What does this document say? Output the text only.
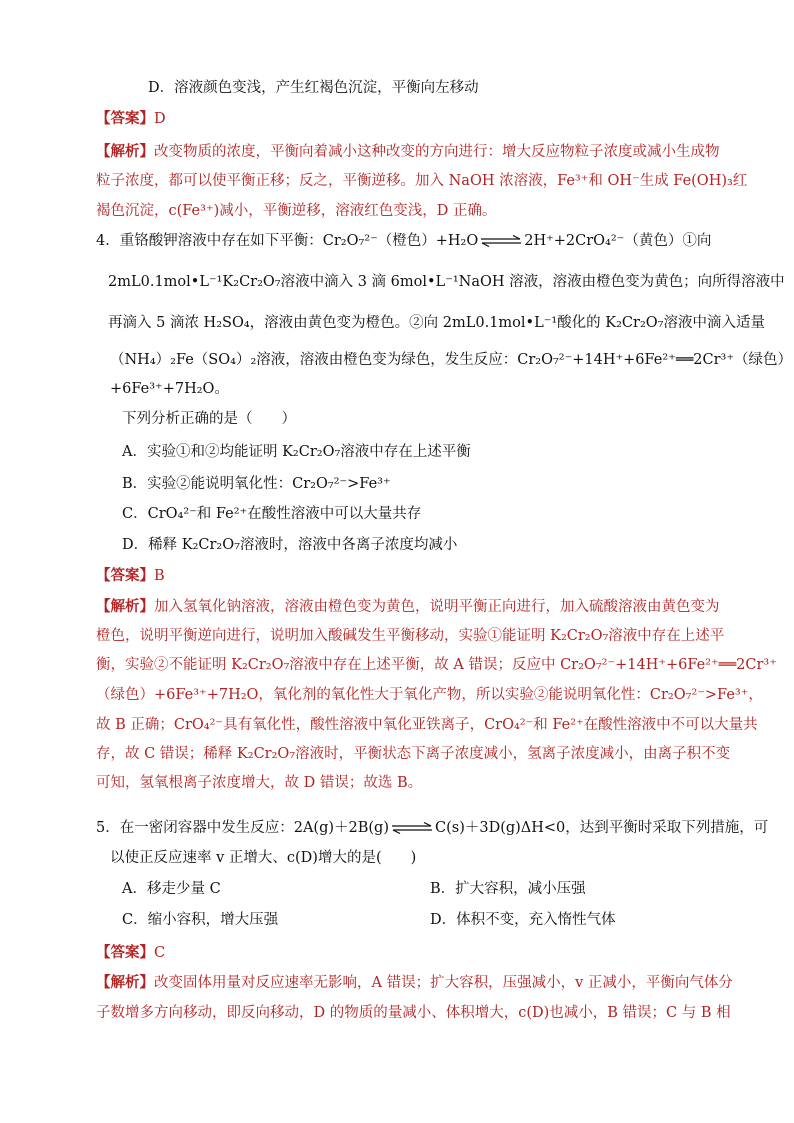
D．溶液颜色变浅，产生红褐色沉淀，平衡向左移动
【答案】D
【解析】改变物质的浓度，平衡向着减小这种改变的方向进行：增大反应物粒子浓度或减小生成物
粒子浓度，都可以使平衡正移；反之，平衡逆移。加入 NaOH 浓溶液，Fe³⁺和 OH⁻生成 Fe(OH)₃红
褐色沉淀，c(Fe³⁺)减小，平衡逆移，溶液红色变浅，D 正确。
4．重铬酸钾溶液中存在如下平衡：Cr₂O₇²⁻（橙色）+H₂O ⇌ 2H⁺+2CrO₄²⁻（黄色）①向
2mL0.1mol•L⁻¹K₂Cr₂O₇溶液中滴入 3 滴 6mol•L⁻¹NaOH 溶液，溶液由橙色变为黄色；向所得溶液中
再滴入 5 滴浓 H₂SO₄，溶液由黄色变为橙色。②向 2mL0.1mol•L⁻¹酸化的 K₂Cr₂O₇溶液中滴入适量
（NH₄）₂Fe（SO₄）₂溶液，溶液由橙色变为绿色，发生反应：Cr₂O₇²⁻+14H⁺+6Fe²⁺══2Cr³⁺（绿色）
+6Fe³⁺+7H₂O。
下列分析正确的是（　　）
A．实验①和②均能证明 K₂Cr₂O₇溶液中存在上述平衡
B．实验②能说明氧化性：Cr₂O₇²⁻>Fe³⁺
C．CrO₄²⁻和 Fe²⁺在酸性溶液中可以大量共存
D．稀释 K₂Cr₂O₇溶液时，溶液中各离子浓度均减小
【答案】B
【解析】加入氢氧化钠溶液，溶液由橙色变为黄色，说明平衡正向进行，加入硫酸溶液由黄色变为
橙色，说明平衡逆向进行，说明加入酸碱发生平衡移动，实验①能证明 K₂Cr₂O₇溶液中存在上述平
衡，实验②不能证明 K₂Cr₂O₇溶液中存在上述平衡，故 A 错误；反应中 Cr₂O₇²⁻+14H⁺+6Fe²⁺══2Cr³⁺
（绿色）+6Fe³⁺+7H₂O，氧化剂的氧化性大于氧化产物，所以实验②能说明氧化性：Cr₂O₇²⁻>Fe³⁺，
故 B 正确；CrO₄²⁻具有氧化性，酸性溶液中氧化亚铁离子，CrO₄²⁻和 Fe²⁺在酸性溶液中不可以大量共
存，故 C 错误；稀释 K₂Cr₂O₇溶液时，平衡状态下离子浓度减小，氢离子浓度减小，由离子积不变
可知，氢氧根离子浓度增大，故 D 错误；故选 B。
5．在一密闭容器中发生反应：2A(g)＋2B(g) ⇌ C(s)＋3D(g)ΔH<0，达到平衡时采取下列措施，可
以使正反应速率 v 正增大、c(D)增大的是(　　)
A．移走少量 C	B．扩大容积，减小压强
C．缩小容积，增大压强	D．体积不变，充入惰性气体
【答案】C
【解析】改变固体用量对反应速率无影响，A 错误；扩大容积，压强减小，v 正减小，平衡向气体分
子数增多方向移动，即反向移动，D 的物质的量减小、体积增大，c(D)也减小，B 错误；C 与 B 相
